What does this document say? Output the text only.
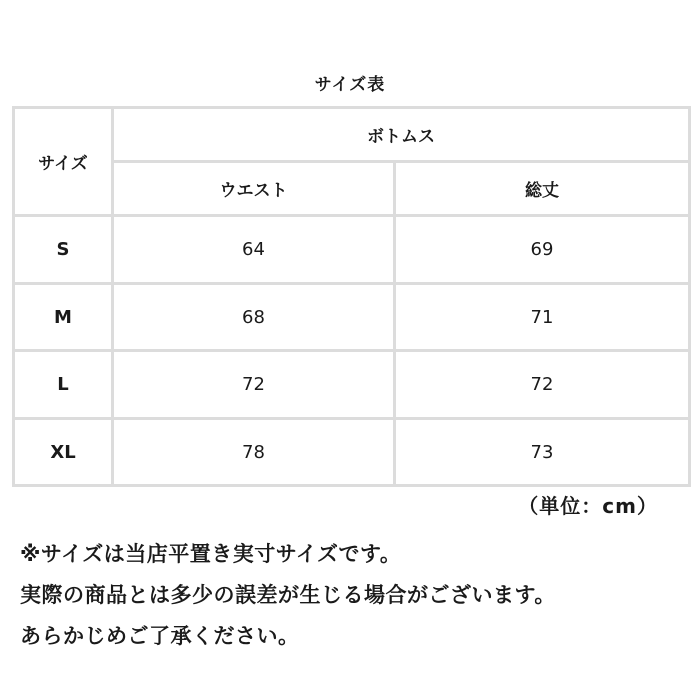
サイズ表
サイズ	ボトムス	
	ウエスト	総丈
S	64	69
M	68	71
L	72	72
XL	78	73
（単位：cm）
※サイズは当店平置き実寸サイズです。
実際の商品とは多少の誤差が生じる場合がございます。
あらかじめご了承ください。
